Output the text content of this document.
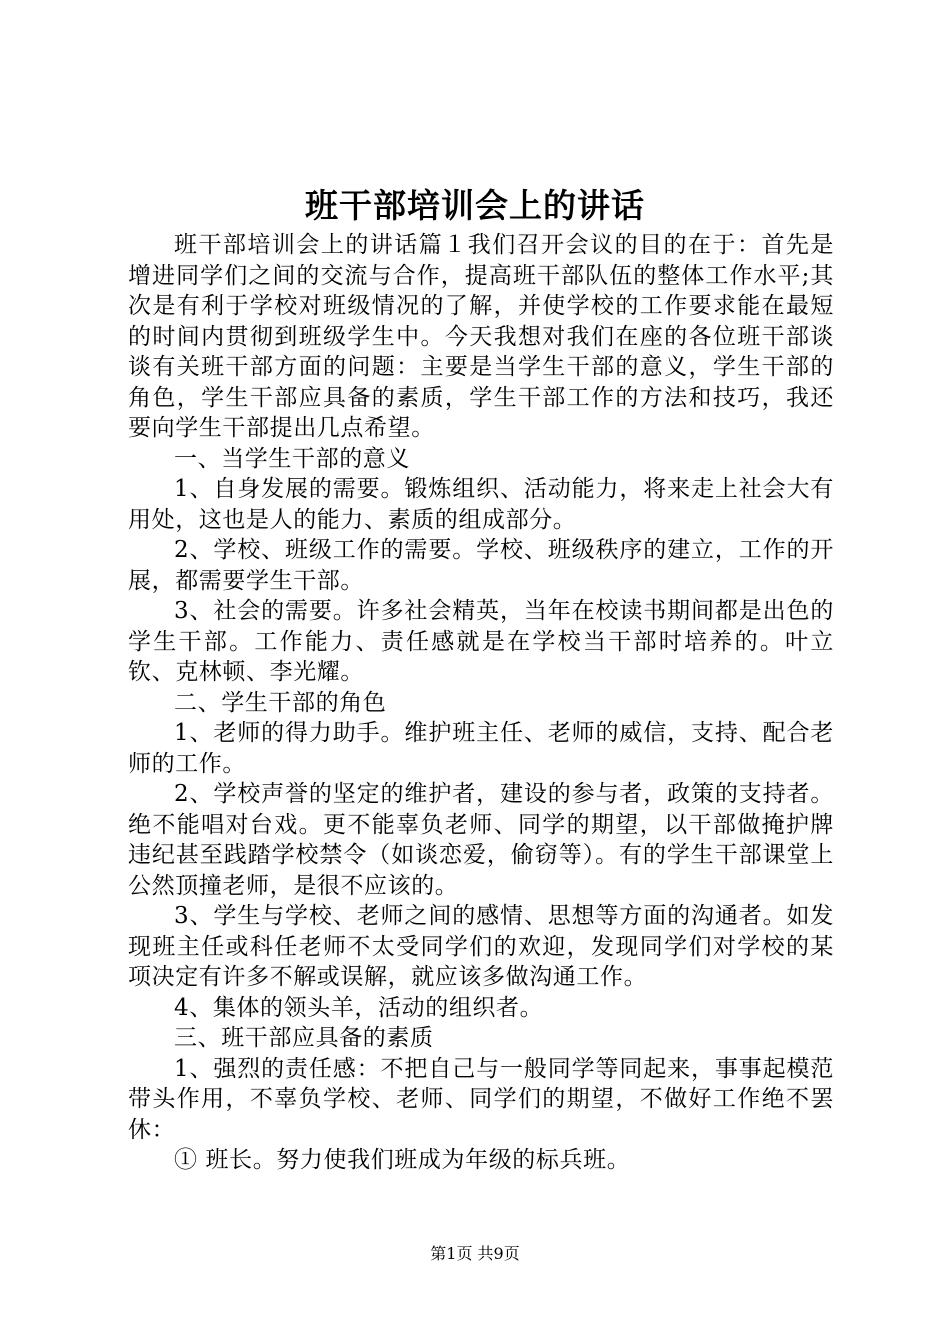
班干部培训会上的讲话

班干部培训会上的讲话篇１我们召开会议的目的在于：首先是增进同学们之间的交流与合作，提高班干部队伍的整体工作水平;其次是有利于学校对班级情况的了解，并使学校的工作要求能在最短的时间内贯彻到班级学生中。今天我想对我们在座的各位班干部谈谈有关班干部方面的问题：主要是当学生干部的意义，学生干部的角色，学生干部应具备的素质，学生干部工作的方法和技巧，我还要向学生干部提出几点希望。

一、当学生干部的意义

1、自身发展的需要。锻炼组织、活动能力，将来走上社会大有用处，这也是人的能力、素质的组成部分。

2、学校、班级工作的需要。学校、班级秩序的建立，工作的开展，都需要学生干部。

3、社会的需要。许多社会精英，当年在校读书期间都是出色的学生干部。工作能力、责任感就是在学校当干部时培养的。叶立钦、克林顿、李光耀。

二、学生干部的角色

1、老师的得力助手。维护班主任、老师的威信，支持、配合老师的工作。

2、学校声誉的坚定的维护者，建设的参与者，政策的支持者。绝不能唱对台戏。更不能辜负老师、同学的期望，以干部做掩护牌违纪甚至践踏学校禁令（如谈恋爱，偷窃等）。有的学生干部课堂上公然顶撞老师，是很不应该的。

3、学生与学校、老师之间的感情、思想等方面的沟通者。如发现班主任或科任老师不太受同学们的欢迎，发现同学们对学校的某项决定有许多不解或误解，就应该多做沟通工作。

4、集体的领头羊，活动的组织者。

三、班干部应具备的素质

1、强烈的责任感：不把自己与一般同学等同起来，事事起模范带头作用，不辜负学校、老师、同学们的期望，不做好工作绝不罢休：

① 班长。努力使我们班成为年级的标兵班。

第1页 共9页
